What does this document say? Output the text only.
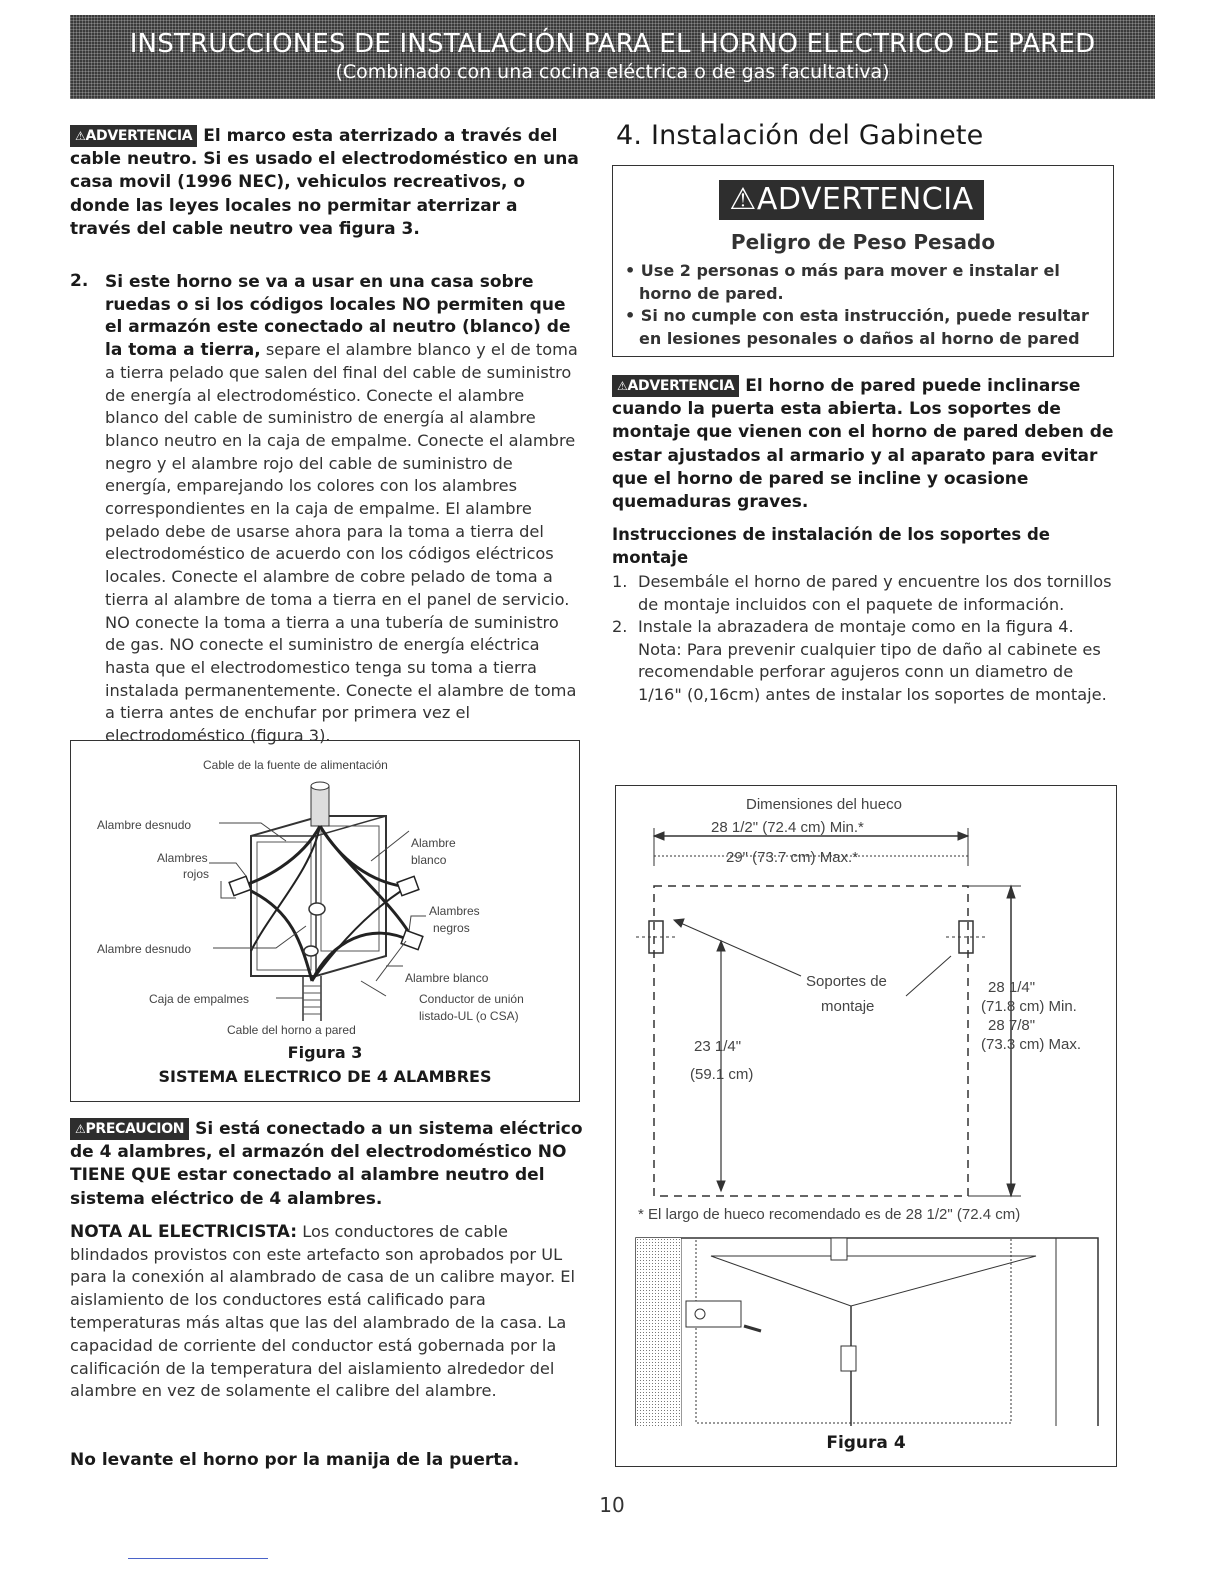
INSTRUCCIONES DE INSTALACIÓN PARA EL HORNO ELECTRICO DE PARED
(Combinado con una cocina eléctrica o de gas facultativa)

⚠ADVERTENCIA El marco esta aterrizado a través del cable neutro. Si es usado el electrodoméstico en una casa movil (1996 NEC), vehiculos recreativos, o donde las leyes locales no permitar aterrizar a través del cable neutro vea figura 3.

2. Si este horno se va a usar en una casa sobre ruedas o si los códigos locales NO permiten que el armazón este conectado al neutro (blanco) de la toma a tierra, separe el alambre blanco y el de toma a tierra pelado que salen del final del cable de suministro de energía al electrodoméstico. Conecte el alambre blanco del cable de suministro de energía al alambre blanco neutro en la caja de empalme. Conecte el alambre negro y el alambre rojo del cable de suministro de energía, emparejando los colores con los alambres correspondientes en la caja de empalme. El alambre pelado debe de usarse ahora para la toma a tierra del electrodoméstico de acuerdo con los códigos eléctricos locales. Conecte el alambre de cobre pelado de toma a tierra al alambre de toma a tierra en el panel de servicio. NO conecte la toma a tierra a una tubería de suministro de gas. NO conecte el suministro de energía eléctrica hasta que el electrodomestico tenga su toma a tierra instalada permanentemente. Conecte el alambre de toma a tierra antes de enchufar por primera vez el electrodoméstico (figura 3).
Cable de la fuente de alimentación
Alambre desnudo
Alambres
rojos
Alambre
blanco
Alambres
negros
Alambre desnudo
Alambre blanco
Caja de empalmes	Conductor de unión
listado-UL (o CSA)
Cable del horno a pared
Figura 3
SISTEMA ELECTRICO DE 4 ALAMBRES

⚠PRECAUCION Si está conectado a un sistema eléctrico de 4 alambres, el armazón del electrodoméstico NO TIENE QUE estar conectado al alambre neutro del sistema eléctrico de 4 alambres.

NOTA AL ELECTRICISTA: Los conductores de cable blindados provistos con este artefacto son aprobados por UL para la conexión al alambrado de casa de un calibre mayor. El aislamiento de los conductores está calificado para temperaturas más altas que las del alambrado de la casa. La capacidad de corriente del conductor está gobernada por la calificación de la temperatura del aislamiento alrededor del alambre en vez de solamente el calibre del alambre.
No levante el horno por la manija de la puerta.
4. Instalación del Gabinete
⚠ADVERTENCIA
Peligro de Peso Pesado
• Use 2 personas o más para mover e instalar el horno de pared.
• Si no cumple con esta instrucción, puede resultar en lesiones pesonales o daños al horno de pared

⚠ADVERTENCIA El horno de pared puede inclinarse cuando la puerta esta abierta. Los soportes de montaje que vienen con el horno de pared deben de estar ajustados al armario y al aparato para evitar que el horno de pared se incline y ocasione quemaduras graves.

Instrucciones de instalación de los soportes de montaje
1. Desembále el horno de pared y encuentre los dos tornillos de montaje incluidos con el paquete de información.
2. Instale la abrazadera de montaje como en la figura 4. Nota: Para prevenir cualquier tipo de daño al cabinete es recomendable perforar agujeros conn un diametro de 1/16" (0,16cm) antes de instalar los soportes de montaje.
Dimensiones del hueco
28 1/2" (72.4 cm) Min.*
29" (73.7 cm) Max.*
Soportes de
montaje
28 1/4"
(71.8 cm) Min.
28 7/8"
(73.3 cm) Max.
23 1/4"
(59.1 cm)
* El largo de hueco recomendado es de 28 1/2" (72.4 cm)
Figura 4
10
